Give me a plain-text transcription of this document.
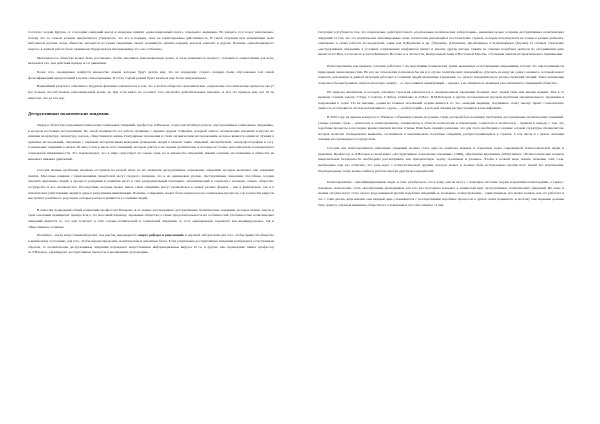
Согласно теории Куруна, от сочетания ожиданий выгод и издержек зависит «революционный порог» отдельного индивида. Но увидеть этот порог невозможно, потому что за словом человек предпочитает утверждать, что все в порядке, пока не гарантированы действенность. В такой ситуации при активизации даже небольшой группы, когда общество находится на грани тенденции, может возникнуть цепная реакция, которая захватит и других. Понятие «революционного порога» в данной работе было применено Курураном (в интервенции), что оно стабильно.

Ментальность общества может быть доставлена, чтобы заполнить революционную волну, и тогда начинаются процесс: становятся совместными для всех, включая и тех, чьи действия прежде его в движении.

Более того, неожиданно найдутся множество людей, которые будут делать вид, что на поддержку старого порядка были обусловлены той самой фальсификацией предпочтений в целом самоохранения. И тогда старый режим будет казаться еще более неприличным.

Важнейший результат описанного Куруном феномена заключается в том, что в любом обществе экономические, социальные и политические процессы могут все больше способствовать революционной волне, но при этом никто не осознает того масштаба действительных перемен. А вся эта природа еще лет 10 не известна, что до тех пор.

Деструктивные политические эпидемии.

Лидер в области исследования психологии социальных эпидемий, профессор А.Назаров, создал масштабную работу «Деструктивные социальные эпидемии», в котором постоянно исследования. По своей значимости эта работа сравнима с первым трудом Э.Фрейда, который описал человеческие влечения и изучал их влияние на культуру, литературу, подход, общественную жизнь. Популярные положения и стали органическим исследованием, которое является одним из лучших в практике исследований, связанных с первыми историческими выводами (поведение людей в момент таких эпидемий, автомобилизм, электрофотографии и т.п.). Социальные эпидемии в начале 20 века стали в числе всех эпидемий, которые длятся в последние десятилетия, и которые не только дополнительно подтверждают социальной напряженности. Это подтверждает, что в мире существует не только одна, но и множество эпидемий; иными словами, их появление в обществе не вызывает никаких удивлений.

Сегодня личные проблемы человека отступили на второй план, но их заменили деструктивные социальные эпидемии, которые включают как эпидемии гриппа. Массовые влияния с приложениями гиперболой несут сходного значения, что и на одинаковом уровне. Деструктивные эпидемии, способные сегодня охватить миллионы людей, в процессе рождения и развития несут в себе разрушительный потенциал, затрагивающий и отдельного человека, семью, общество, государство и все человечество. Последствия, которые может иметь такая эпидемия, могут проявляться в самых разных формах – как в физическом, так и в психическом уничтожении людей и даже в разрушении цивилизации. Понятие «эпидемия» может быть перенесено на социальные процессы, где в качестве вирусов выступают различного рода идеи, которые распространяются в сознании людей.

В качестве подведения общей концепции профессора Назарова А.Л. можно рассматривать деструктивные политические эпидемии, которые можно свести к трем основным принципам: прежде всего, это массовый характер, заражение общества, а также продолжительность их особенностей. Особенностью политических эпидемий является то, что они сочетают в себе основы психической и социальной эпидемии, то есть одновременно поражают как индивидуальное, так и общественное сознание.

Политика – когда искусственный проект, под как бы, вырождается «вирус реформ и революций» в научной лаборатории для того, чтобы привести общество к кризисному состоянию, для того, чтобы перераспределить политические и денежные блага. Если социальные деструктивные эпидемии возбуждают естественным образом, то политические деструктивные эпидемии порождают искусственные информационные вирусы. И те, и другие, как справедливо пишет профессор А.Л.Назаров, «формируют деструктивные процессы в проявлениях деградации».

Ситуация усугубляется тем, что параллельно действуют иного «подпольные политические лаборатории», имеющие целью создание деструктивных политических эпидемий. О том, что это политически оппозиционные силы, технологии революции в постсоветских странах, которые используются не только в разных регионах, описывают в своих работах исследователи, такие как Д.Журавлев и др. (Украина), Д.Кахиани, Дж.Абашидзе и Б.Джапаридзе (Грузия). О сетевых стратегиях «деструктивных эпидемий» в условиях современных конфликтов пишут и многие другие авторы. Одним из главных подобных центров на сегодняшний день является и США, в том числе в части Ближнего Востока и, в частности, Центральной Азии и Восточной Европы, с большим опытом их практического применения.

Психотерапевты, как правило, успешно работают с последствиями психических травм, вызванных естественными эпидемиями, потому что они подчиняются природным закономерностям. Но все же технологии позволили бы им и в случае политических эпидемий не упускать из виду ни одного момента, который может показать, как именно в данной ситуации работают в сознании людей механизмы заражения, т.е. начало эпидемического распространения эмоций. Такое понимание позволило бы выстраивать психологическую защиту – от агрессивных манипуляций – заранее, а не заниматься лечением уже охваченного эпидемией общества.

Их природа механизма, в котором основная стратегия заключается в эмоциональном заражении больших масс людей теми или иными идеями. Уже в те времена ставили задачу: Г.Тард, С.Сигеле, Г.Лебон, О.Кабанес и Л.Насс, В.М.Бехтерев и другие исследователи изучали проблемы эмоционального заражения и подражания в толпе. По их мнению, одним из главных положений теории является то, что «каждый индивид, подчиняясь этому закону, теряет сознательную личность и становится частью коллективного «духа» – «лабораторий», в которой эмоции распространяются как инфекция.

В 2010 году на первом конгрессе в Тбилиси, собравшем ученых из разных стран, который был посвящен проблемам деструктивных политических эпидемий, ученые разных стран – психологи и психотерапевты, специалисты в области психологии и психиатрии, социологи и политологи – пришли к выводу о том, что подобные процессы в последнее время охватили многие страны. Ими было принято решение, что для этого необходимо создание сетевой структуры специалистов, которая позволит своевременно выявлять, отслеживать и анализировать подобные эпидемии, распространяющиеся в странах, в том числе и с целью оказания помощи их гражданам и государствам.

Сегодня для психотерапевтов описанных эпидемий должна стать одна из наиболее важных и серьезных задач современной психологической науки и практики. Профессор А.Л.Назаров в своей книге «Деструктивные социальные эпидемии» (1996), «Проклятие внушения» (2004) пишет: «Психологические аспекты национальной безопасности необходимо рассматривать как приоритетную задачу политиков и ученых». Чтобы в полной мере понять значение этих слов, необходимо еще раз отметить, что речь идет о психологическом оружии, которое может и должно быть использовано против всех людей без исключения. Подтверждение этому можно найти в работах многих других исследователей.

Психотерапевты – квалифицированные люди, и само разобраться, что к чему, они не могут, с помощью системы теории и практики психотерапии, а также с помощью психологии, стать своеобразным проводником для тех, кто постоянно попадает в замкнутый круг деструктивных политических эпидемий. Их опыт и знания сегодня могут стать своего рода вакциной против подобных эпидемий, и, возможно, психотерапевты – единственные, кто может понять, как это работает и что с этим делать, ведь именно они каждый день сталкиваются с последствиями подобных процессов в душах своих пациентов, и поэтому они первыми должны бить тревогу, обращая внимание общества на эти явления и способы защиты от них.
